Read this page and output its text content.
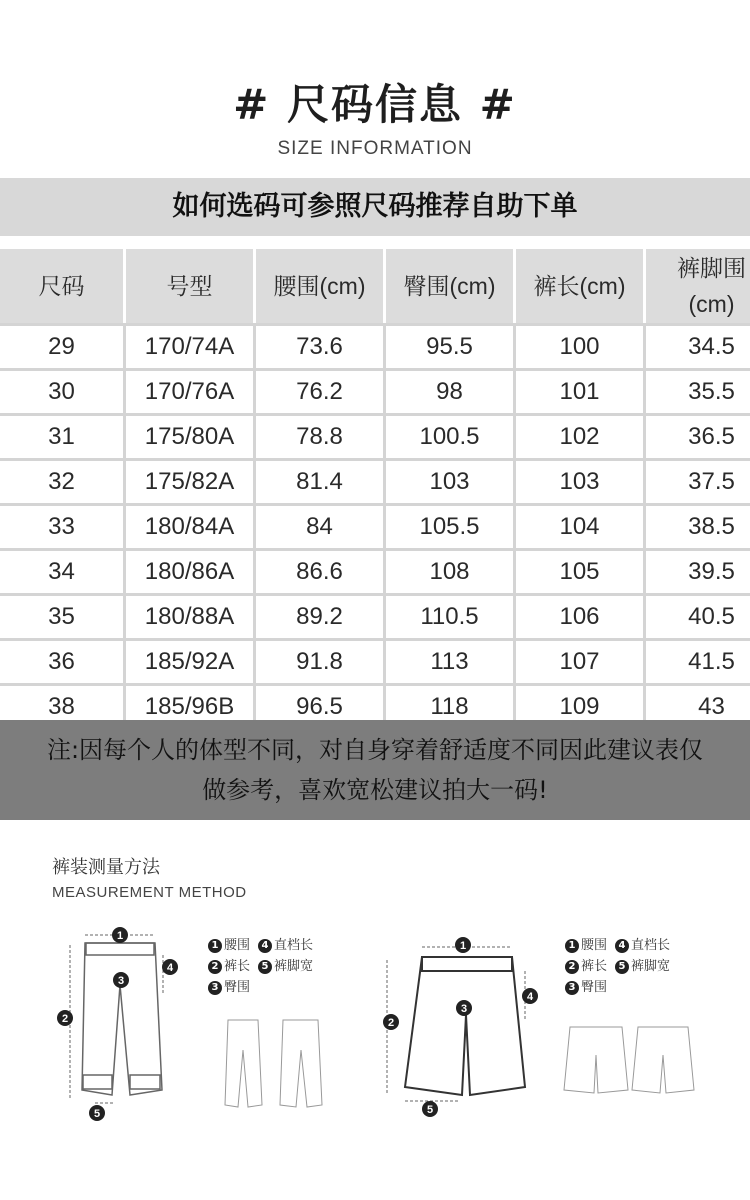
# 尺码信息 #
SIZE INFORMATION
如何选码可参照尺码推荐自助下单
尺码	号型	腰围(cm)	臀围(cm)	裤长(cm)	裤脚围
(cm)
29	170/74A	73.6	95.5	100	34.5
30	170/76A	76.2	98	101	35.5
31	175/80A	78.8	100.5	102	36.5
32	175/82A	81.4	103	103	37.5
33	180/84A	84	105.5	104	38.5
34	180/86A	86.6	108	105	39.5
35	180/88A	89.2	110.5	106	40.5
36	185/92A	91.8	113	107	41.5
38	185/96B	96.5	118	109	43
注:因每个人的体型不同，对自身穿着舒适度不同因此建议表仅
做参考，喜欢宽松建议拍大一码!
裤装测量方法
MEASUREMENT METHOD
1
2
3
4
5
1
2
3
4
5
1 腰围 4 直档长
2 裤长 5 裤脚宽
3 臀围
1 腰围 4 直档长
2 裤长 5 裤脚宽
3 臀围
